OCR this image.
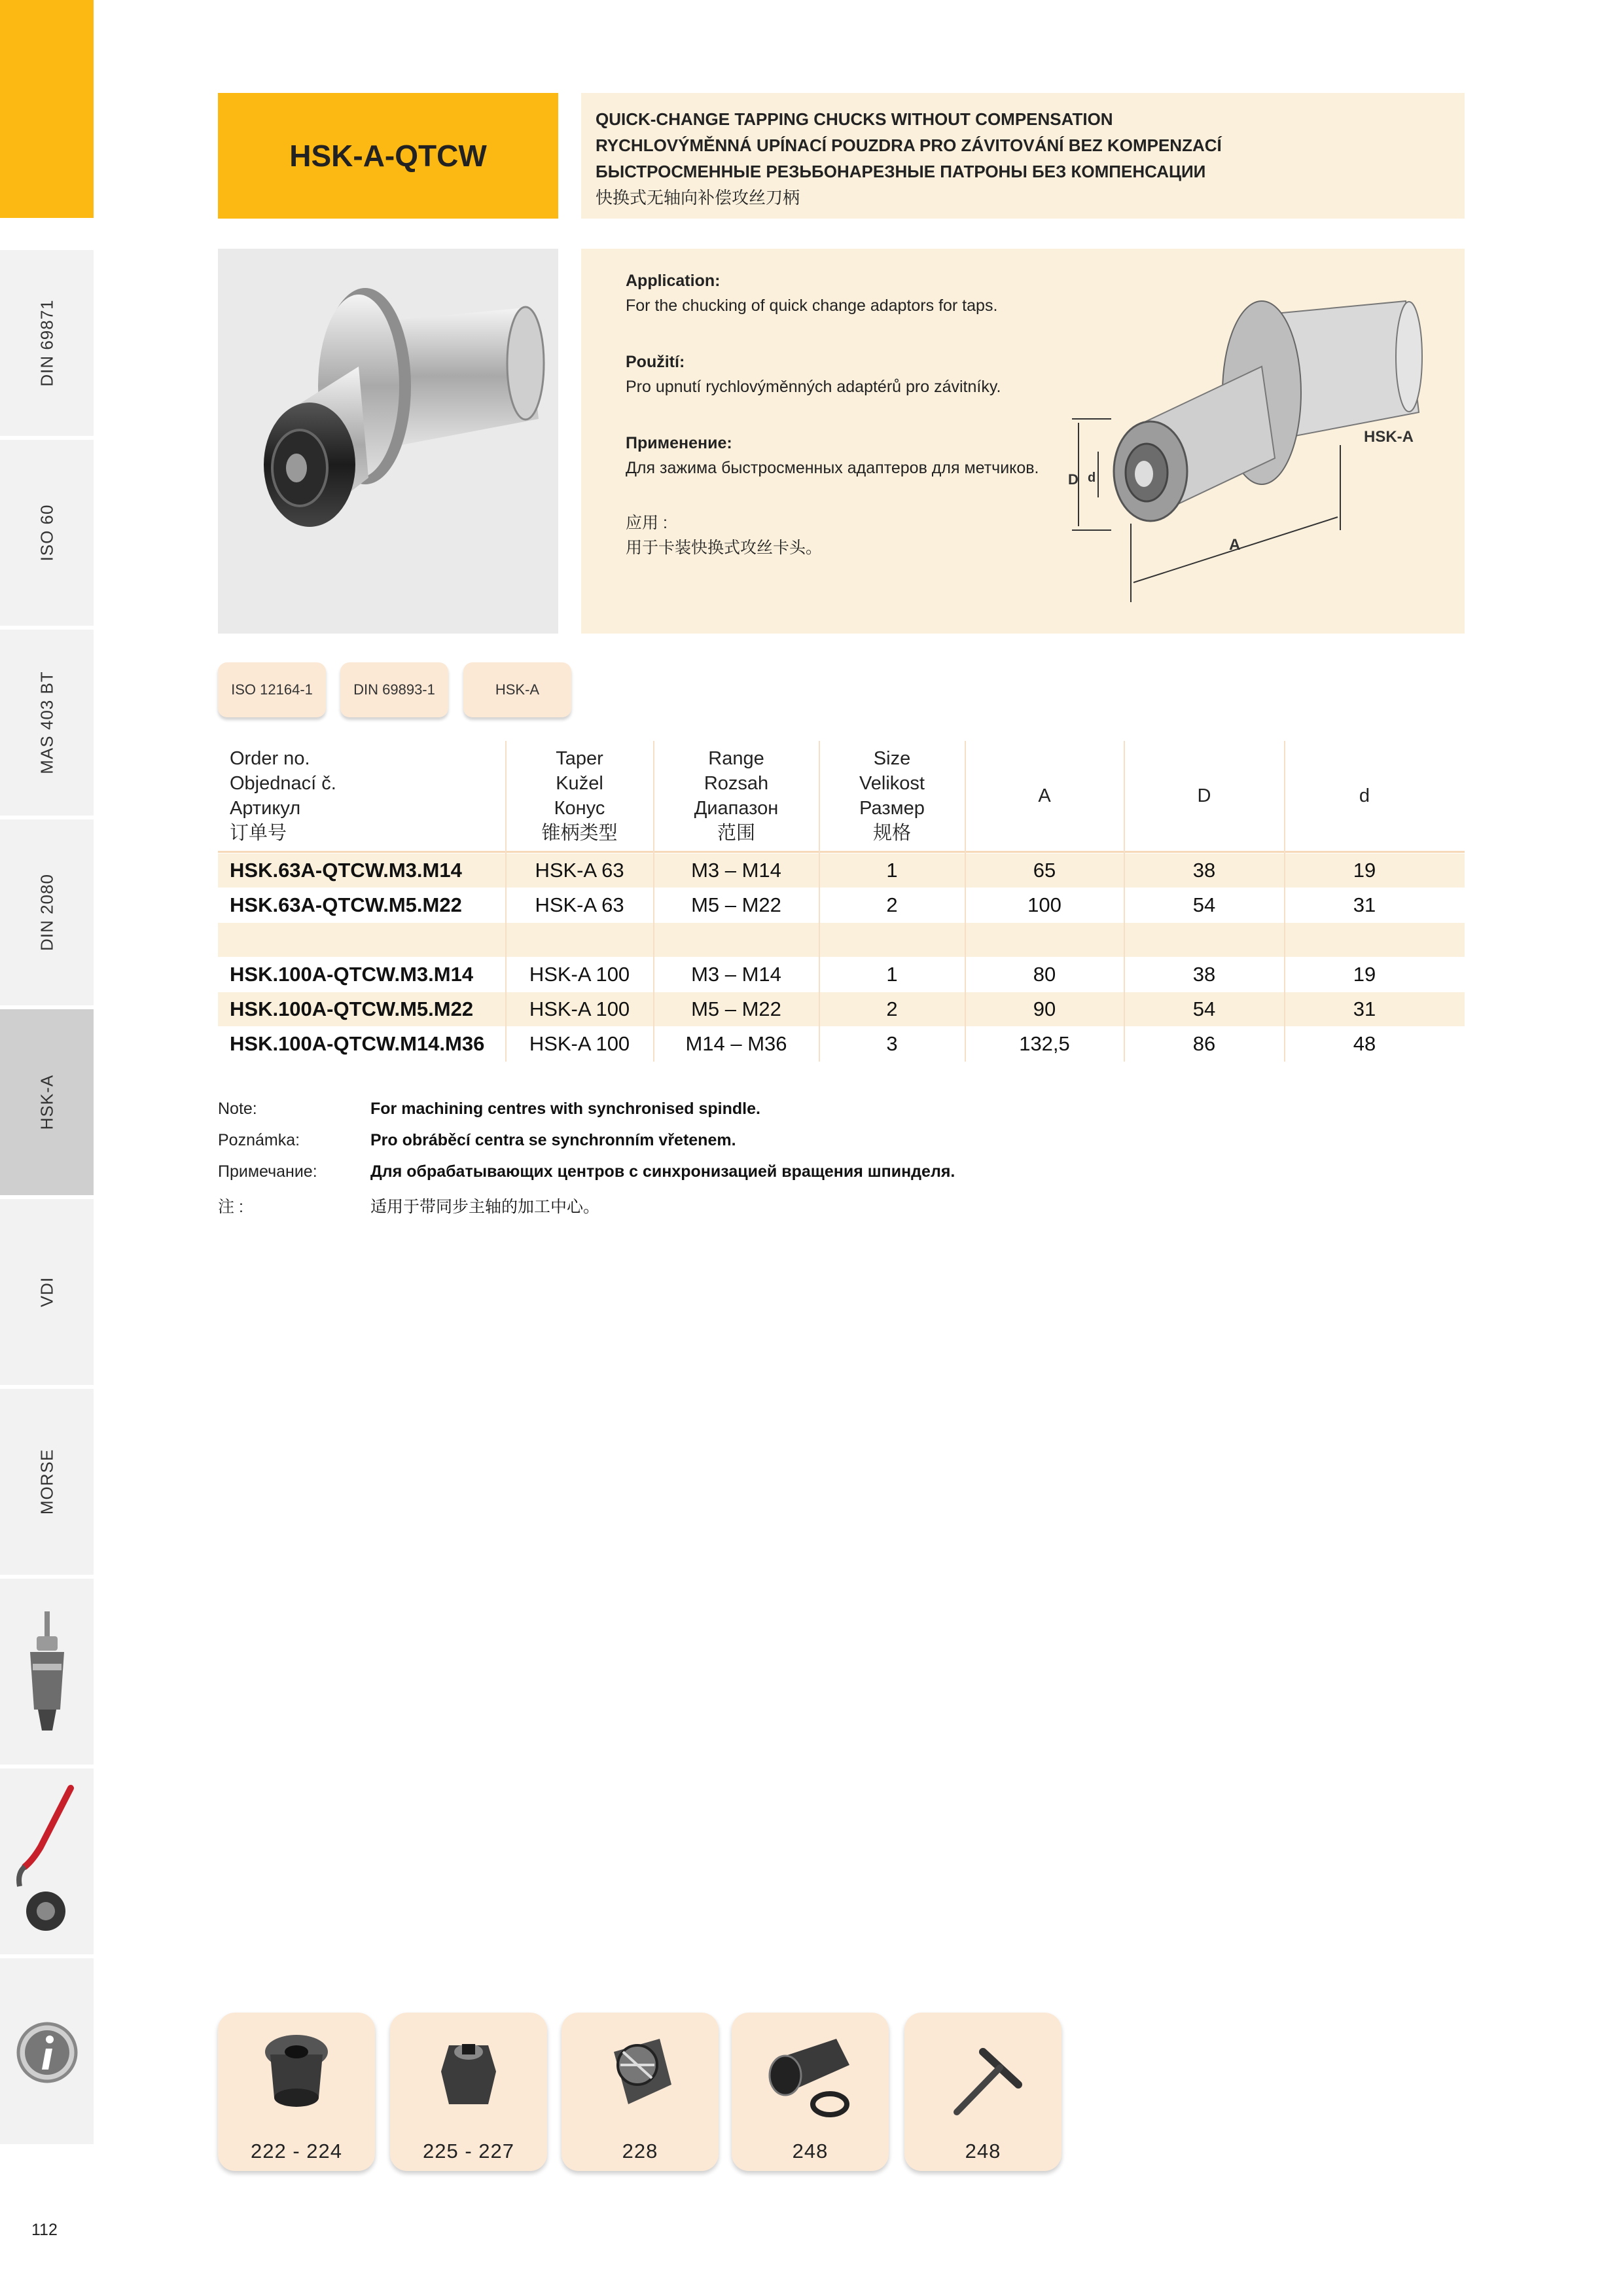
DIN 69871
ISO 60
MAS 403 BT
DIN 2080
HSK-A
VDI
MORSE
HSK-A-QTCW
QUICK-CHANGE TAPPING CHUCKS WITHOUT COMPENSATION
RYCHLOVÝMĚNNÁ UPÍNACÍ POUZDRA PRO ZÁVITOVÁNÍ BEZ KOMPENZACÍ
БЫСТРОСМЕННЫЕ РЕЗЬБОНАРЕЗНЫЕ ПАТРОНЫ БЕЗ КОМПЕНСАЦИИ
快换式无轴向补偿攻丝刀柄
Application:
For the chucking of quick change adaptors for taps.
Použití:
Pro upnutí rychlovýměnných adaptérů pro závitníky.
Применение:
Для зажима быстросменных адаптеров для метчиков.
应用 :
用于卡装快换式攻丝卡头。
D d
A
HSK-A
ISO 12164-1	DIN 69893-1	HSK-A
Order no.
Objednací č.
Артикул
订单号
Taper
Kužel
Конус
锥柄类型
Range
Rozsah
Диапазон
范围
Size
Velikost
Размер
规格
A	D	d
HSK.63A-QTCW.M3.M14	HSK-A 63	M3 – M14	1	65	38	19
HSK.63A-QTCW.M5.M22	HSK-A 63	M5 – M22	2	100	54	31
HSK.100A-QTCW.M3.M14	HSK-A 100	M3 – M14	1	80	38	19
HSK.100A-QTCW.M5.M22	HSK-A 100	M5 – M22	2	90	54	31
HSK.100A-QTCW.M14.M36	HSK-A 100	M14 – M36	3	132,5	86	48
Note:	For machining centres with synchronised spindle.
Poznámka:	Pro obráběcí centra se synchronním vřetenem.
Примечание:	Для обрабатывающих центров с синхронизацией вращения шпинделя.
注 :	适用于带同步主轴的加工中心。
222 - 224	225 - 227	228	248	248
112
